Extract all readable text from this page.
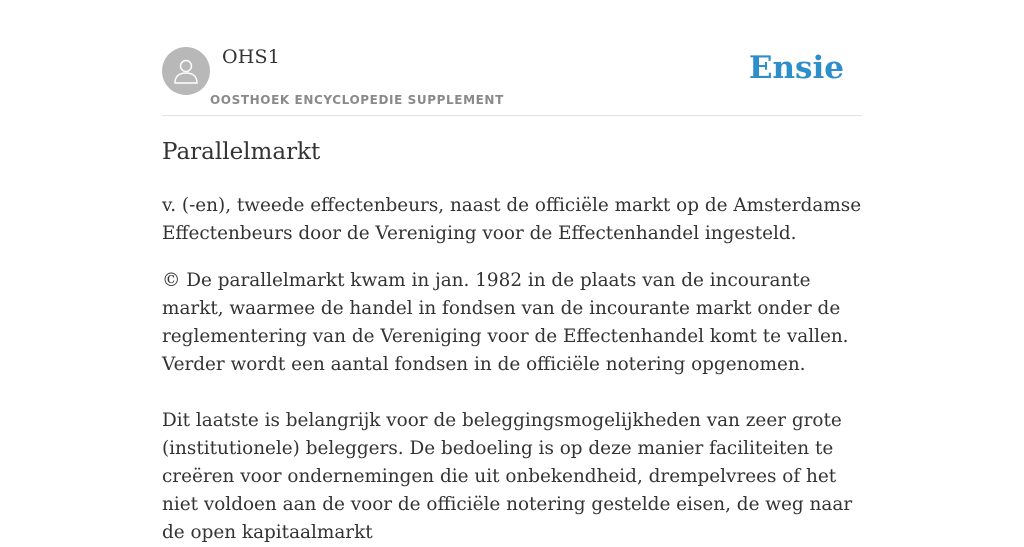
OHS1
OOSTHOEK ENCYCLOPEDIE SUPPLEMENT
Ensie
Parallelmarkt

v. (-en), tweede effectenbeurs, naast de officiële markt op de Amsterdamse Effectenbeurs door de Vereniging voor de Effectenhandel ingesteld.

© De parallelmarkt kwam in jan. 1982 in de plaats van de incourante markt, waarmee de handel in fondsen van de incourante markt onder de reglementering van de Vereniging voor de Effectenhandel komt te vallen. Verder wordt een aantal fondsen in de officiële notering opgenomen.

Dit laatste is belangrijk voor de beleggingsmogelijkheden van zeer grote (institutionele) beleggers. De bedoeling is op deze manier faciliteiten te creëren voor ondernemingen die uit onbekendheid, drempelvrees of het niet voldoen aan de voor de officiële notering gestelde eisen, de weg naar de open kapitaalmarkt
